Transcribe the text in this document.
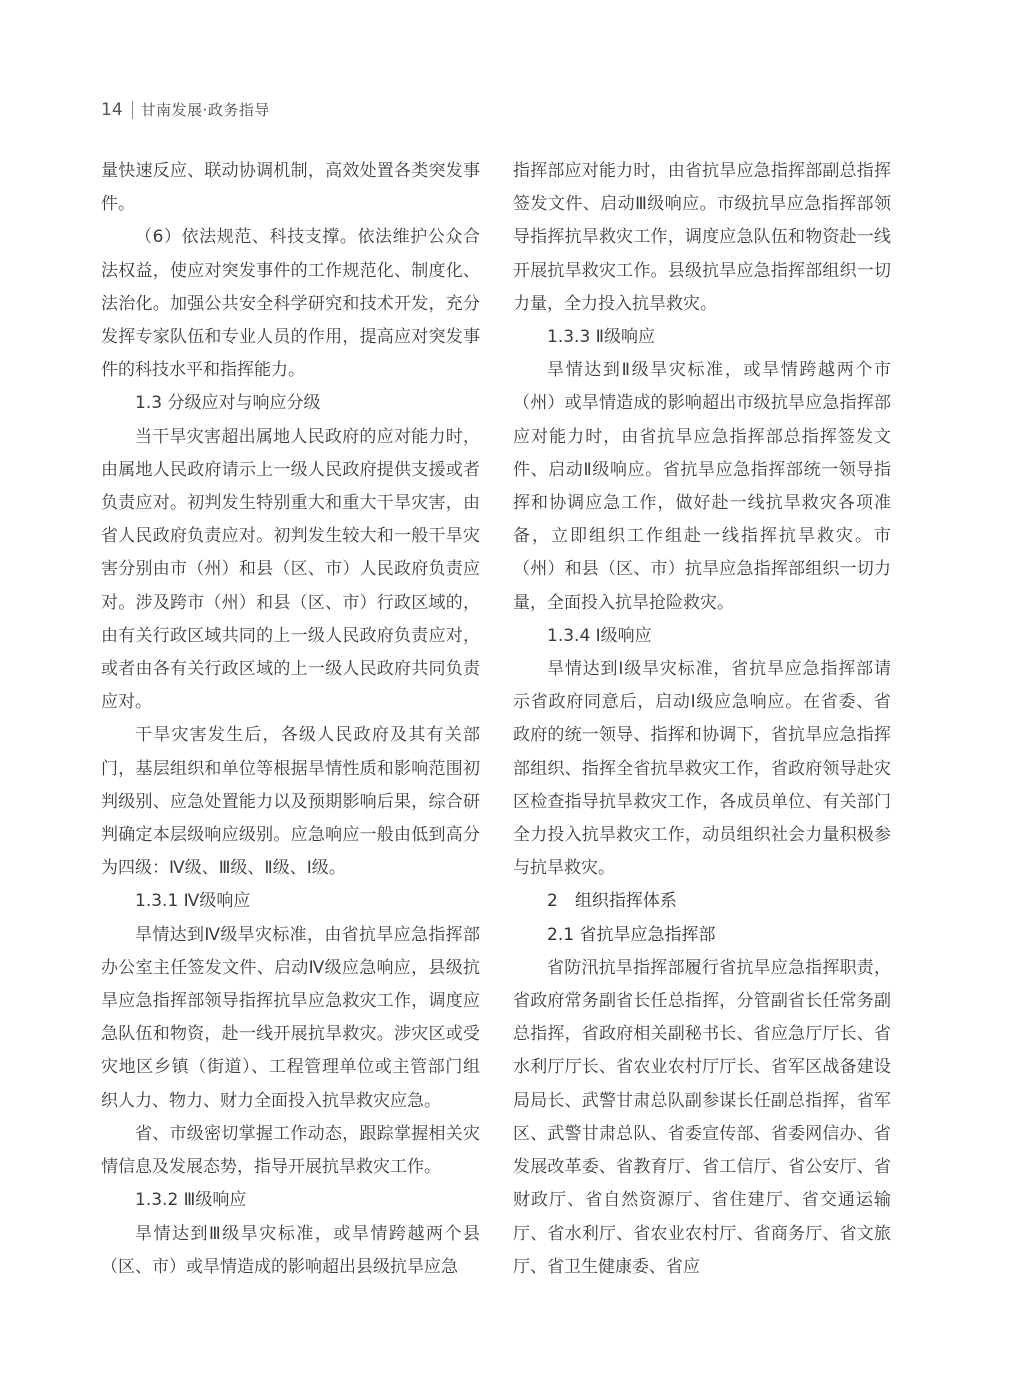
14 甘南发展·政务指导

量快速反应、联动协调机制，高效处置各类突发事件。

（6）依法规范、科技支撑。依法维护公众合法权益，使应对突发事件的工作规范化、制度化、法治化。加强公共安全科学研究和技术开发，充分发挥专家队伍和专业人员的作用，提高应对突发事件的科技水平和指挥能力。

1.3 分级应对与响应分级

当干旱灾害超出属地人民政府的应对能力时，由属地人民政府请示上一级人民政府提供支援或者负责应对。初判发生特别重大和重大干旱灾害，由省人民政府负责应对。初判发生较大和一般干旱灾害分别由市（州）和县（区、市）人民政府负责应对。涉及跨市（州）和县（区、市）行政区域的，由有关行政区域共同的上一级人民政府负责应对，或者由各有关行政区域的上一级人民政府共同负责应对。

干旱灾害发生后，各级人民政府及其有关部门，基层组织和单位等根据旱情性质和影响范围初判级别、应急处置能力以及预期影响后果，综合研判确定本层级响应级别。应急响应一般由低到高分为四级：Ⅳ级、Ⅲ级、Ⅱ级、Ⅰ级。

1.3.1 Ⅳ级响应

旱情达到Ⅳ级旱灾标准，由省抗旱应急指挥部办公室主任签发文件、启动Ⅳ级应急响应，县级抗旱应急指挥部领导指挥抗旱应急救灾工作，调度应急队伍和物资，赴一线开展抗旱救灾。涉灾区或受灾地区乡镇（街道）、工程管理单位或主管部门组织人力、物力、财力全面投入抗旱救灾应急。

省、市级密切掌握工作动态，跟踪掌握相关灾情信息及发展态势，指导开展抗旱救灾工作。

1.3.2 Ⅲ级响应

旱情达到Ⅲ级旱灾标准，或旱情跨越两个县（区、市）或旱情造成的影响超出县级抗旱应急

指挥部应对能力时，由省抗旱应急指挥部副总指挥签发文件、启动Ⅲ级响应。市级抗旱应急指挥部领导指挥抗旱救灾工作，调度应急队伍和物资赴一线开展抗旱救灾工作。县级抗旱应急指挥部组织一切力量，全力投入抗旱救灾。

1.3.3 Ⅱ级响应

旱情达到Ⅱ级旱灾标准，或旱情跨越两个市（州）或旱情造成的影响超出市级抗旱应急指挥部应对能力时，由省抗旱应急指挥部总指挥签发文件、启动Ⅱ级响应。省抗旱应急指挥部统一领导指挥和协调应急工作，做好赴一线抗旱救灾各项准备，立即组织工作组赴一线指挥抗旱救灾。市（州）和县（区、市）抗旱应急指挥部组织一切力量，全面投入抗旱抢险救灾。

1.3.4 Ⅰ级响应

旱情达到Ⅰ级旱灾标准，省抗旱应急指挥部请示省政府同意后，启动Ⅰ级应急响应。在省委、省政府的统一领导、指挥和协调下，省抗旱应急指挥部组织、指挥全省抗旱救灾工作，省政府领导赴灾区检查指导抗旱救灾工作，各成员单位、有关部门全力投入抗旱救灾工作，动员组织社会力量积极参与抗旱救灾。

2　组织指挥体系

2.1 省抗旱应急指挥部

省防汛抗旱指挥部履行省抗旱应急指挥职责，省政府常务副省长任总指挥，分管副省长任常务副总指挥，省政府相关副秘书长、省应急厅厅长、省水利厅厅长、省农业农村厅厅长、省军区战备建设局局长、武警甘肃总队副参谋长任副总指挥，省军区、武警甘肃总队、省委宣传部、省委网信办、省发展改革委、省教育厅、省工信厅、省公安厅、省财政厅、省自然资源厅、省住建厅、省交通运输厅、省水利厅、省农业农村厅、省商务厅、省文旅厅、省卫生健康委、省应
